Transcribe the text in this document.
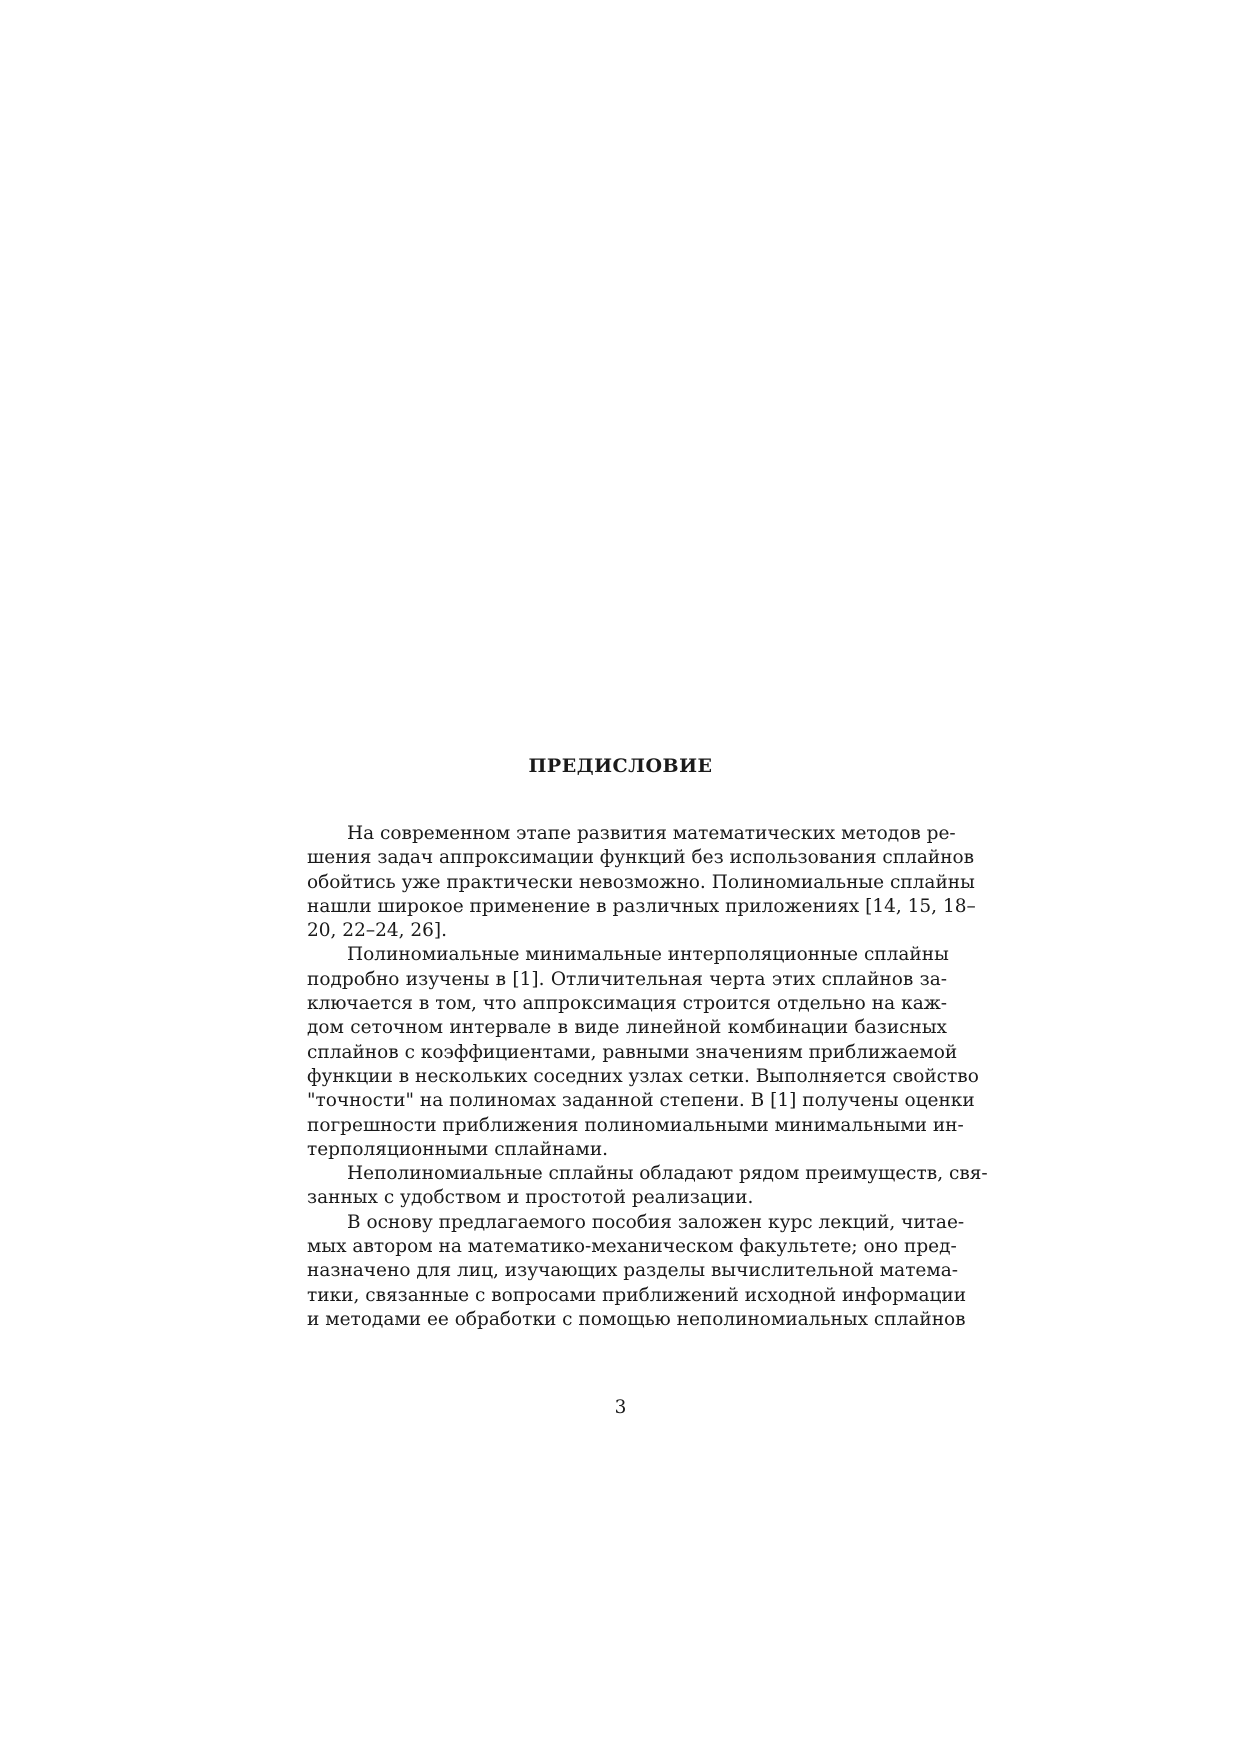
ПРЕДИСЛОВИЕ
На современном этапе развития математических методов ре-
шения задач аппроксимации функций без использования сплайнов
обойтись уже практически невозможно. Полиномиальные сплайны
нашли широкое применение в различных приложениях [14, 15, 18–
20, 22–24, 26].
Полиномиальные минимальные интерполяционные сплайны
подробно изучены в [1]. Отличительная черта этих сплайнов за-
ключается в том, что аппроксимация строится отдельно на каж-
дом сеточном интервале в виде линейной комбинации базисных
сплайнов с коэффициентами, равными значениям приближаемой
функции в нескольких соседних узлах сетки. Выполняется свойство
"точности" на полиномах заданной степени. В [1] получены оценки
погрешности приближения полиномиальными минимальными ин-
терполяционными сплайнами.
Неполиномиальные сплайны обладают рядом преимуществ, свя-
занных с удобством и простотой реализации.
В основу предлагаемого пособия заложен курс лекций, читае-
мых автором на математико-механическом факультете; оно пред-
назначено для лиц, изучающих разделы вычислительной матема-
тики, связанные с вопросами приближений исходной информации
и методами ее обработки с помощью неполиномиальных сплайнов
3
